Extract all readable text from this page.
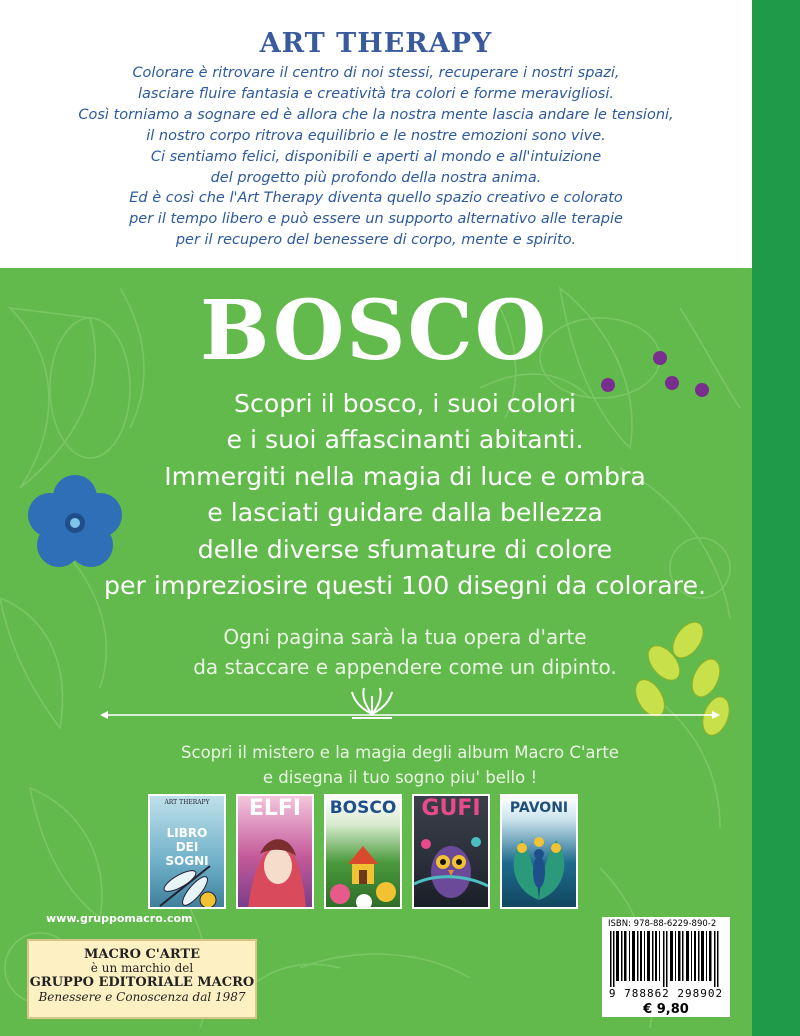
ART THERAPY
Colorare è ritrovare il centro di noi stessi, recuperare i nostri spazi,
lasciare fluire fantasia e creatività tra colori e forme meravigliosi.
Così torniamo a sognare ed è allora che la nostra mente lascia andare le tensioni,
il nostro corpo ritrova equilibrio e le nostre emozioni sono vive.
Ci sentiamo felici, disponibili e aperti al mondo e all'intuizione
del progetto più profondo della nostra anima.
Ed è così che l'Art Therapy diventa quello spazio creativo e colorato
per il tempo libero e può essere un supporto alternativo alle terapie
per il recupero del benessere di corpo, mente e spirito.
BOSCO
Scopri il bosco, i suoi colori
e i suoi affascinanti abitanti.
Immergiti nella magia di luce e ombra
e lasciati guidare dalla bellezza
delle diverse sfumature di colore
per impreziosire questi 100 disegni da colorare.
Ogni pagina sarà la tua opera d'arte
da staccare e appendere come un dipinto.
Scopri il mistero e la magia degli album Macro C'arte
e disegna il tuo sogno piu' bello !
ART THERAPY
LIBRO DEI SOGNI
ELFI	BOSCO	GUFI	PAVONI
www.gruppomacro.com
MACRO C'ARTE
è un marchio del
GRUPPO EDITORIALE MACRO
Benessere e Conoscenza dal 1987
ISBN: 978-88-6229-890-2
9 788862 298902
€ 9,80
